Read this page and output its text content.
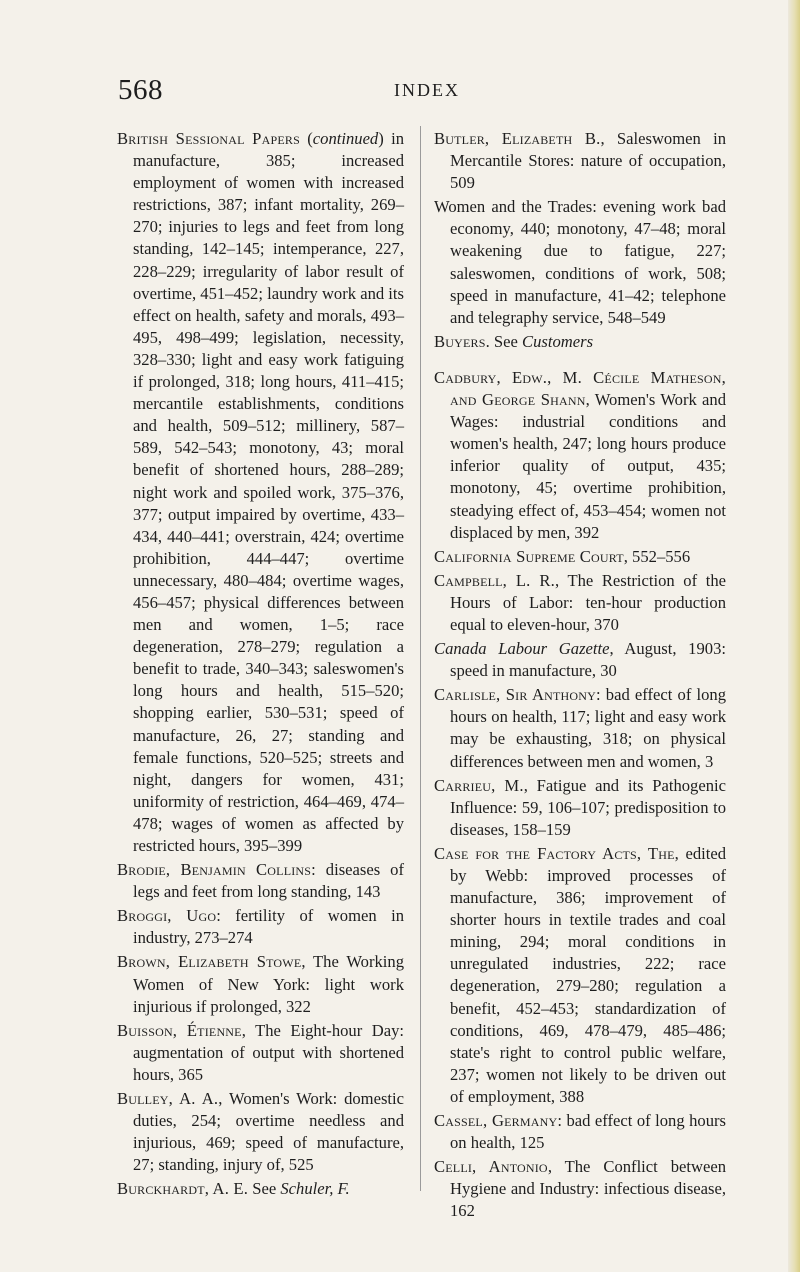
568	INDEX

British Sessional Papers (continued) in manufacture, 385; increased employment of women with increased restrictions, 387; infant mortality, 269–270; injuries to legs and feet from long standing, 142–145; intemperance, 227, 228–229; irregularity of labor result of overtime, 451–452; laundry work and its effect on health, safety and morals, 493–495, 498–499; legislation, necessity, 328–330; light and easy work fatiguing if prolonged, 318; long hours, 411–415; mercantile establishments, conditions and health, 509–512; millinery, 587–589, 542–543; monotony, 43; moral benefit of shortened hours, 288–289; night work and spoiled work, 375–376, 377; output impaired by overtime, 433–434, 440–441; overstrain, 424; overtime prohibition, 444–447; overtime unnecessary, 480–484; overtime wages, 456–457; physical differences between men and women, 1–5; race degeneration, 278–279; regulation a benefit to trade, 340–343; saleswomen's long hours and health, 515–520; shopping earlier, 530–531; speed of manufacture, 26, 27; standing and female functions, 520–525; streets and night, dangers for women, 431; uniformity of restriction, 464–469, 474–478; wages of women as affected by restricted hours, 395–399

Brodie, Benjamin Collins: diseases of legs and feet from long standing, 143

Broggi, Ugo: fertility of women in industry, 273–274

Brown, Elizabeth Stowe, The Working Women of New York: light work injurious if prolonged, 322

Buisson, Étienne, The Eight-hour Day: augmentation of output with shortened hours, 365

Bulley, A. A., Women's Work: domestic duties, 254; overtime needless and injurious, 469; speed of manufacture, 27; standing, injury of, 525

Burckhardt, A. E. See Schuler, F.

Butler, Elizabeth B., Saleswomen in Mercantile Stores: nature of occupation, 509

Women and the Trades: evening work bad economy, 440; monotony, 47–48; moral weakening due to fatigue, 227; saleswomen, conditions of work, 508; speed in manufacture, 41–42; telephone and telegraphy service, 548–549

Buyers. See Customers

Cadbury, Edw., M. Cécile Matheson, and George Shann, Women's Work and Wages: industrial conditions and women's health, 247; long hours produce inferior quality of output, 435; monotony, 45; overtime prohibition, steadying effect of, 453–454; women not displaced by men, 392

California Supreme Court, 552–556

Campbell, L. R., The Restriction of the Hours of Labor: ten-hour production equal to eleven-hour, 370

Canada Labour Gazette, August, 1903: speed in manufacture, 30

Carlisle, Sir Anthony: bad effect of long hours on health, 117; light and easy work may be exhausting, 318; on physical differences between men and women, 3

Carrieu, M., Fatigue and its Pathogenic Influence: 59, 106–107; predisposition to diseases, 158–159

Case for the Factory Acts, The, edited by Webb: improved processes of manufacture, 386; improvement of shorter hours in textile trades and coal mining, 294; moral conditions in unregulated industries, 222; race degeneration, 279–280; regulation a benefit, 452–453; standardization of conditions, 469, 478–479, 485–486; state's right to control public welfare, 237; women not likely to be driven out of employment, 388

Cassel, Germany: bad effect of long hours on health, 125

Celli, Antonio, The Conflict between Hygiene and Industry: infectious disease, 162
